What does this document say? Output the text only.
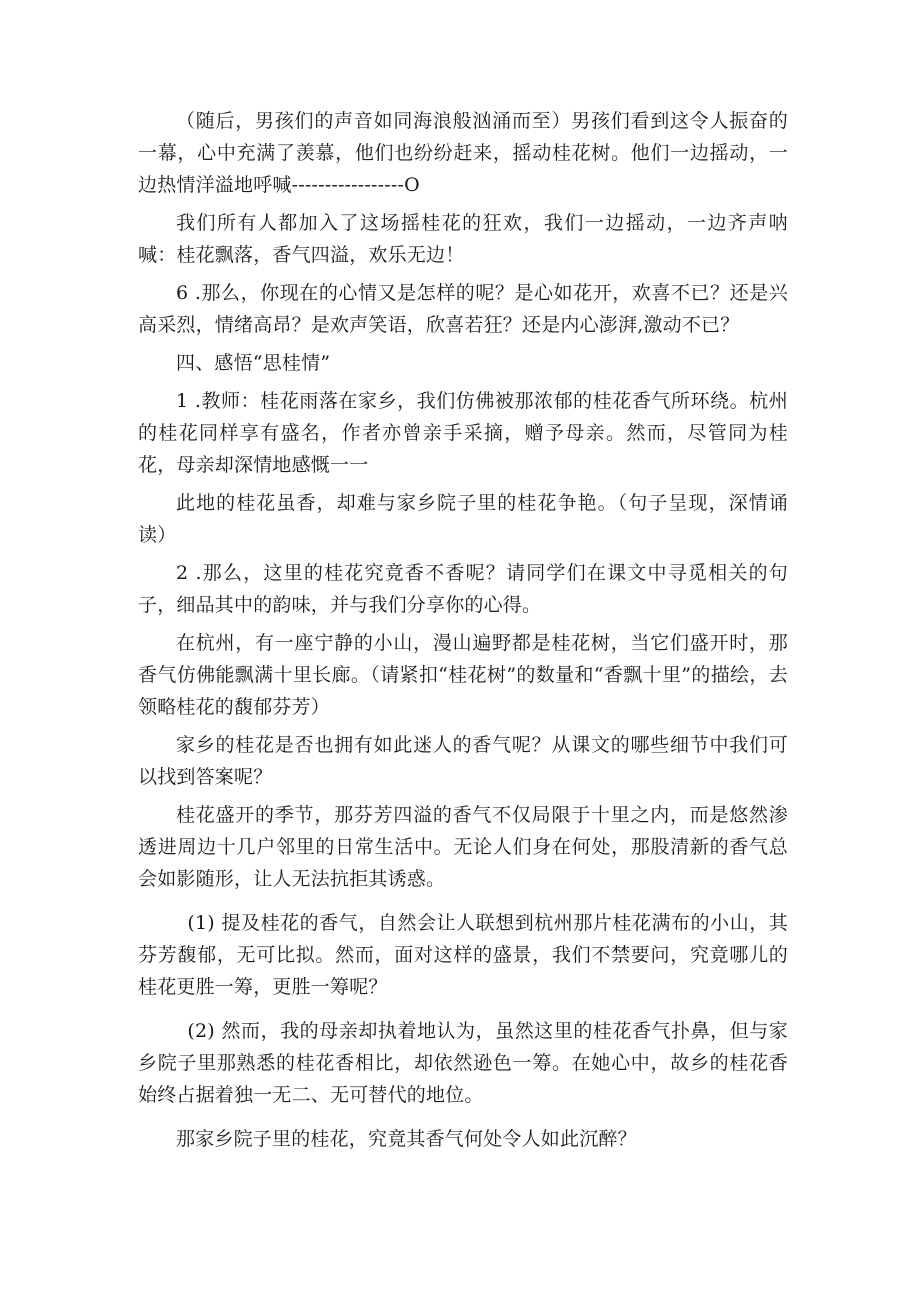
（随后，男孩们的声音如同海浪般汹涌而至）男孩们看到这令人振奋的一幕，心中充满了羡慕，他们也纷纷赶来，摇动桂花树。他们一边摇动，一边热情洋溢地呼喊-----------------O

我们所有人都加入了这场摇桂花的狂欢，我们一边摇动，一边齐声呐喊：桂花飘落，香气四溢，欢乐无边！

6 .那么，你现在的心情又是怎样的呢？是心如花开，欢喜不已？还是兴高采烈，情绪高昂？是欢声笑语，欣喜若狂？还是内心澎湃,激动不已？

四、感悟“思桂情”

1 .教师：桂花雨落在家乡，我们仿佛被那浓郁的桂花香气所环绕。杭州的桂花同样享有盛名，作者亦曾亲手采摘，赠予母亲。然而，尽管同为桂花，母亲却深情地感慨一一

此地的桂花虽香，却难与家乡院子里的桂花争艳。（句子呈现，深情诵读）

2 .那么，这里的桂花究竟香不香呢？请同学们在课文中寻觅相关的句子，细品其中的韵味，并与我们分享你的心得。

在杭州，有一座宁静的小山，漫山遍野都是桂花树，当它们盛开时，那香气仿佛能飘满十里长廊。（请紧扣“桂花树”的数量和“香飘十里”的描绘，去领略桂花的馥郁芬芳）

家乡的桂花是否也拥有如此迷人的香气呢？从课文的哪些细节中我们可以找到答案呢？

桂花盛开的季节，那芬芳四溢的香气不仅局限于十里之内，而是悠然渗透进周边十几户邻里的日常生活中。无论人们身在何处，那股清新的香气总会如影随形，让人无法抗拒其诱惑。

(1) 提及桂花的香气，自然会让人联想到杭州那片桂花满布的小山，其芬芳馥郁，无可比拟。然而，面对这样的盛景，我们不禁要问，究竟哪儿的桂花更胜一筹，更胜一筹呢？

(2) 然而，我的母亲却执着地认为，虽然这里的桂花香气扑鼻，但与家乡院子里那熟悉的桂花香相比，却依然逊色一筹。在她心中，故乡的桂花香始终占据着独一无二、无可替代的地位。

那家乡院子里的桂花，究竟其香气何处令人如此沉醉？
